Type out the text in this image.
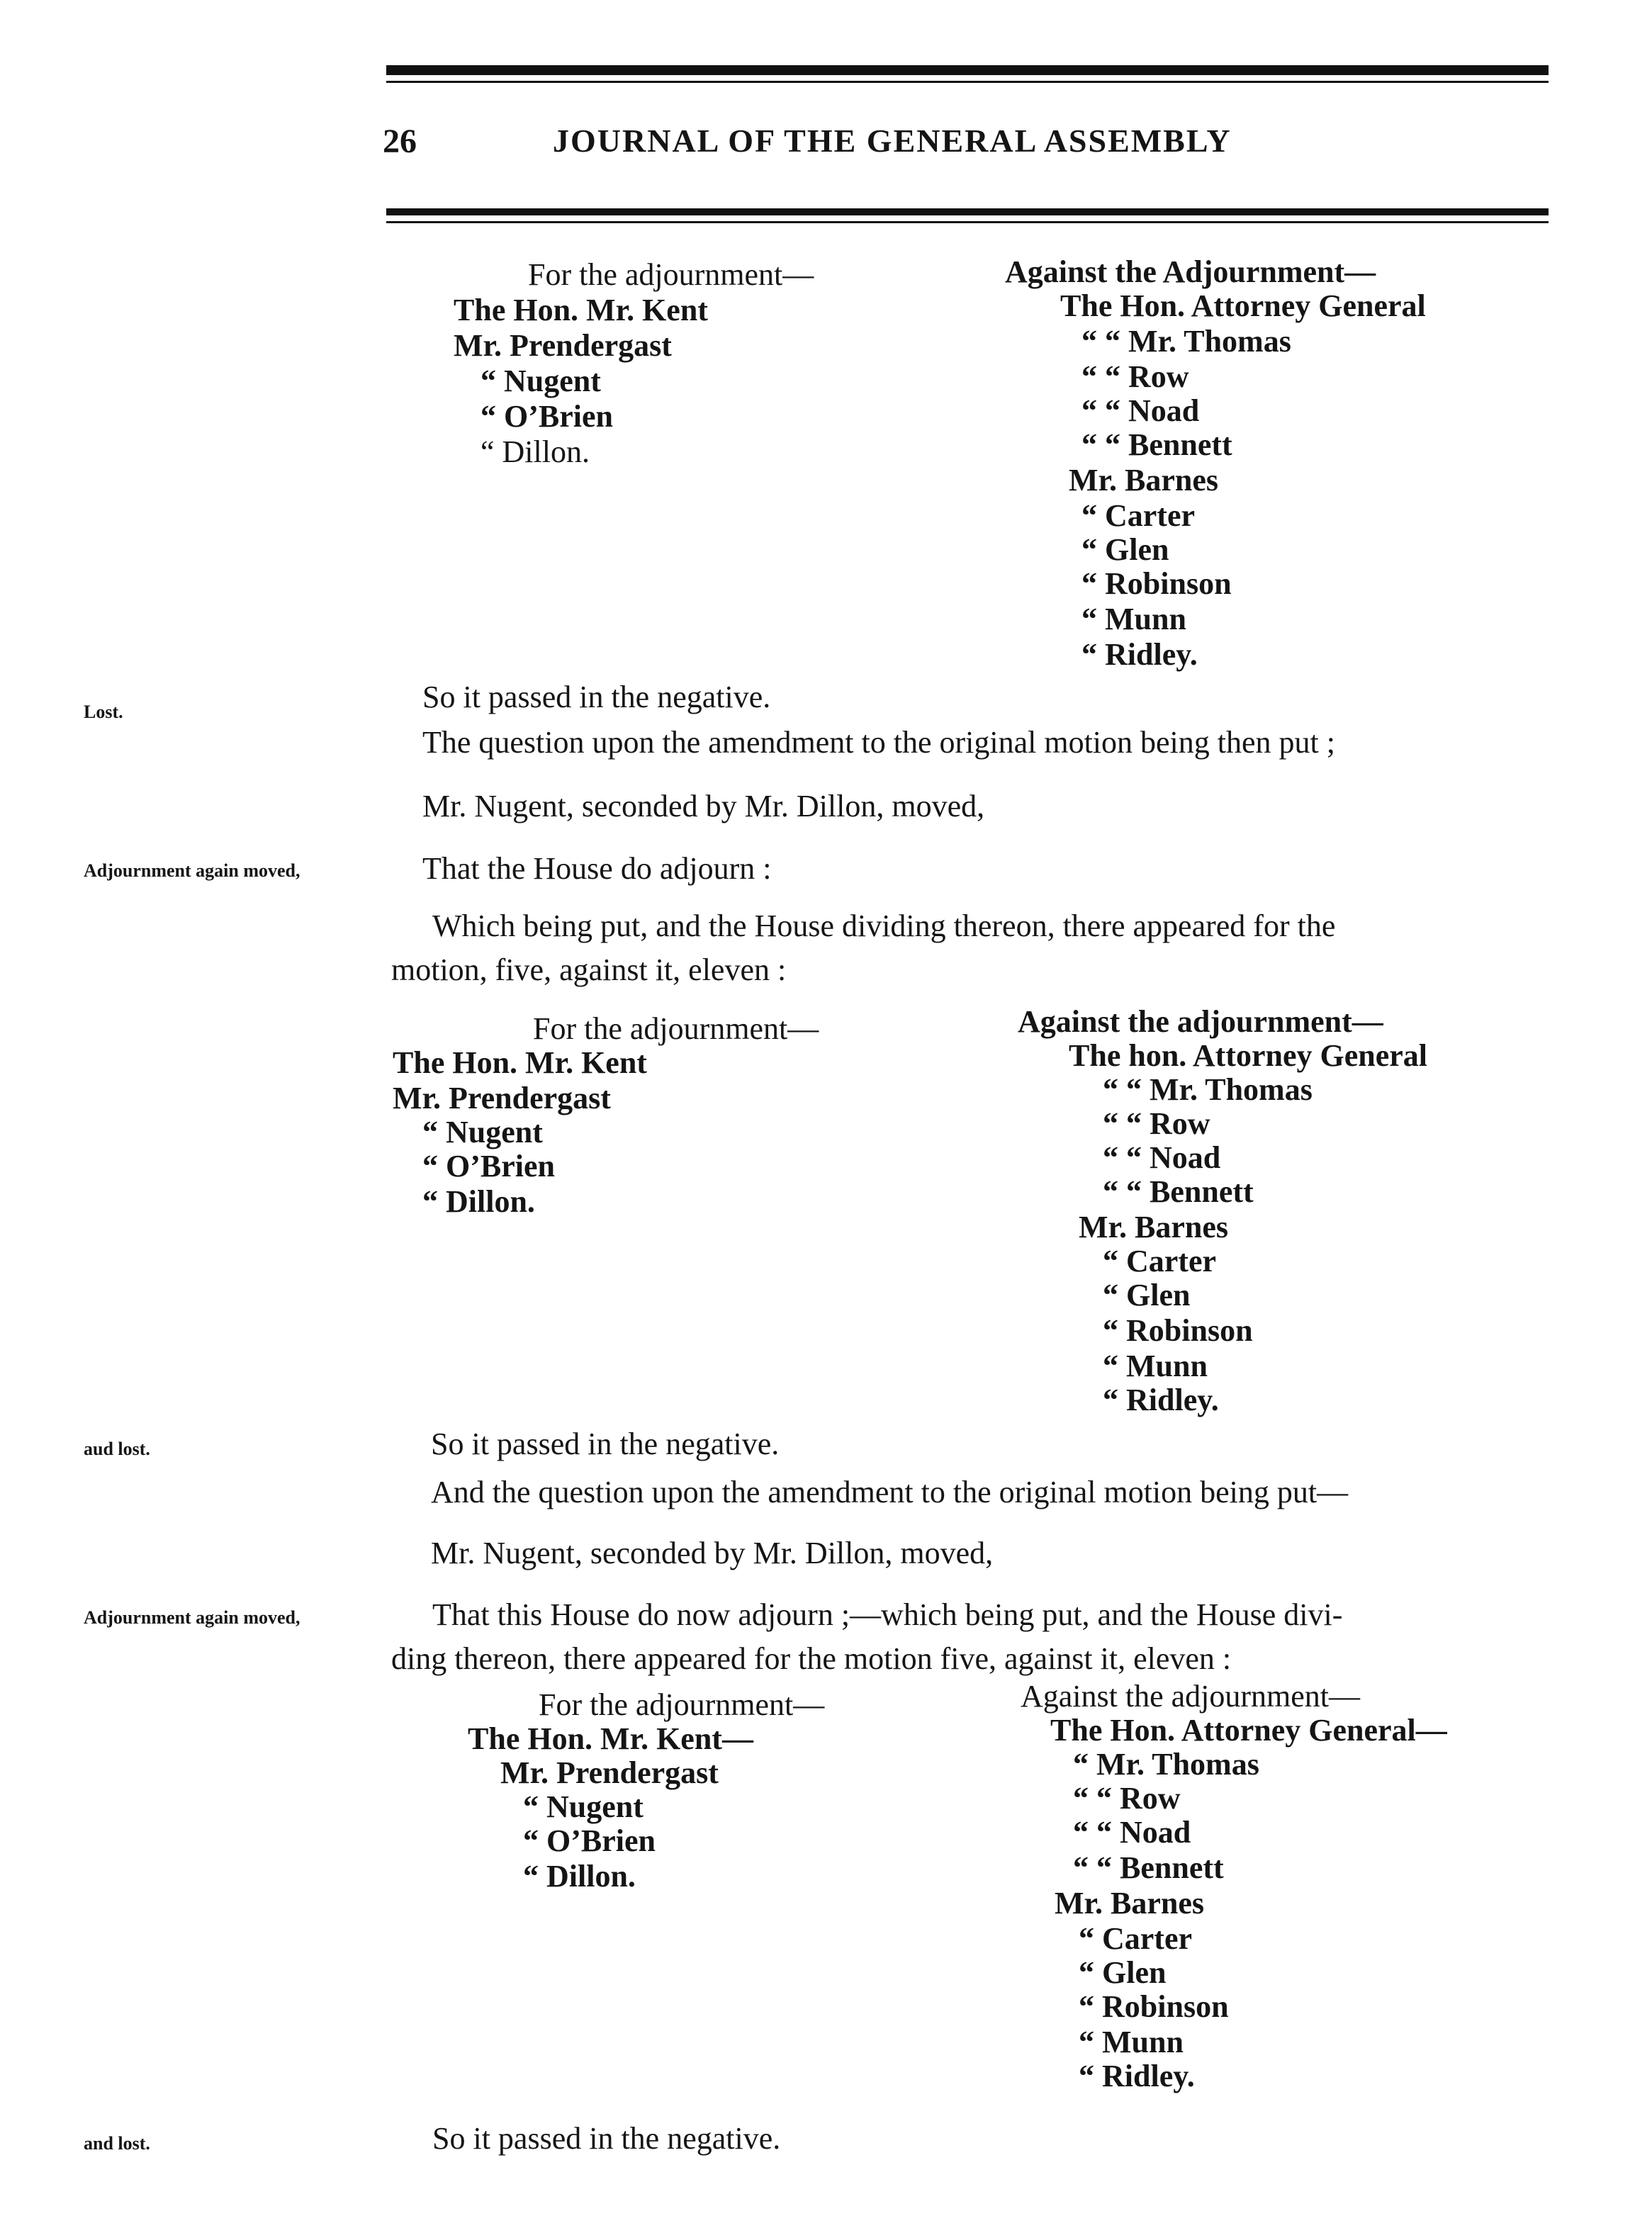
26	JOURNAL OF THE GENERAL ASSEMBLY
For the adjournment—
The Hon. Mr. Kent
Mr. Prendergast
“ Nugent
“ O’Brien
“ Dillon.
Against the Adjournment—
The Hon. Attorney General
“ “ Mr. Thomas
“ “ Row
“ “ Noad
“ “ Bennett
Mr. Barnes
“ Carter
“ Glen
“ Robinson
“ Munn
“ Ridley.
Lost.	So it passed in the negative.
The question upon the amendment to the original motion being then put ;
Mr. Nugent, seconded by Mr. Dillon, moved,
Adjournment again moved,	That the House do adjourn :
Which being put, and the House dividing thereon, there appeared for the
motion, five, against it, eleven :
For the adjournment—
The Hon. Mr. Kent
Mr. Prendergast
“ Nugent
“ O’Brien
“ Dillon.
Against the adjournment—
The hon. Attorney General
“ “ Mr. Thomas
“ “ Row
“ “ Noad
“ “ Bennett
Mr. Barnes
“ Carter
“ Glen
“ Robinson
“ Munn
“ Ridley.
aud lost.	So it passed in the negative.
And the question upon the amendment to the original motion being put—
Mr. Nugent, seconded by Mr. Dillon, moved,
Adjournment again moved,	That this House do now adjourn ;—which being put, and the House divi-
ding thereon, there appeared for the motion five, against it, eleven :
For the adjournment—
The Hon. Mr. Kent—
Mr. Prendergast
“ Nugent
“ O’Brien
“ Dillon.
Against the adjournment—
The Hon. Attorney General—
“ Mr. Thomas
“ “ Row
“ “ Noad
“ “ Bennett
Mr. Barnes
“ Carter
“ Glen
“ Robinson
“ Munn
“ Ridley.
and lost.	So it passed in the negative.
